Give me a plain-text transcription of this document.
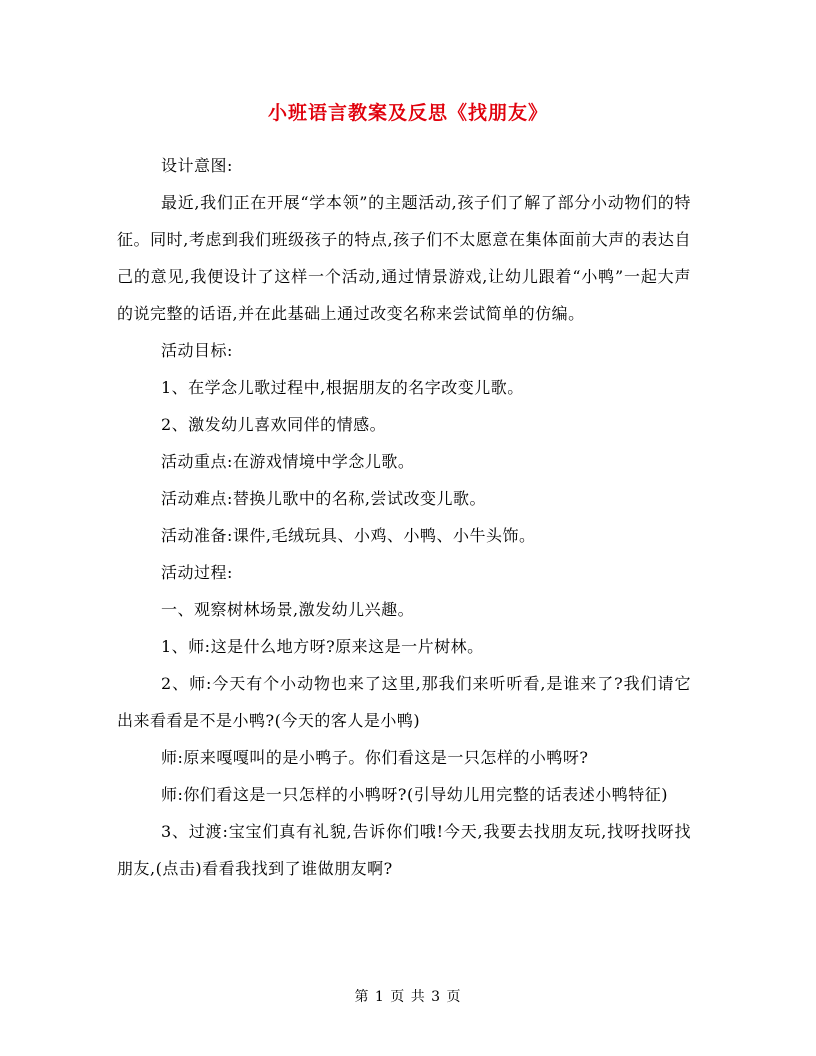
小班语言教案及反思《找朋友》

设计意图:

最近,我们正在开展“学本领”的主题活动,孩子们了解了部分小动物们的特征。同时,考虑到我们班级孩子的特点,孩子们不太愿意在集体面前大声的表达自己的意见,我便设计了这样一个活动,通过情景游戏,让幼儿跟着“小鸭”一起大声的说完整的话语,并在此基础上通过改变名称来尝试简单的仿编。

活动目标:

1、在学念儿歌过程中,根据朋友的名字改变儿歌。

2、激发幼儿喜欢同伴的情感。

活动重点:在游戏情境中学念儿歌。

活动难点:替换儿歌中的名称,尝试改变儿歌。

活动准备:课件,毛绒玩具、小鸡、小鸭、小牛头饰。

活动过程:

一、观察树林场景,激发幼儿兴趣。

1、师:这是什么地方呀?原来这是一片树林。

2、师:今天有个小动物也来了这里,那我们来听听看,是谁来了?我们请它出来看看是不是小鸭?(今天的客人是小鸭)

师:原来嘎嘎叫的是小鸭子。你们看这是一只怎样的小鸭呀?

师:你们看这是一只怎样的小鸭呀?(引导幼儿用完整的话表述小鸭特征)

3、过渡:宝宝们真有礼貌,告诉你们哦!今天,我要去找朋友玩,找呀找呀找朋友,(点击)看看我找到了谁做朋友啊?

第 1 页 共 3 页
